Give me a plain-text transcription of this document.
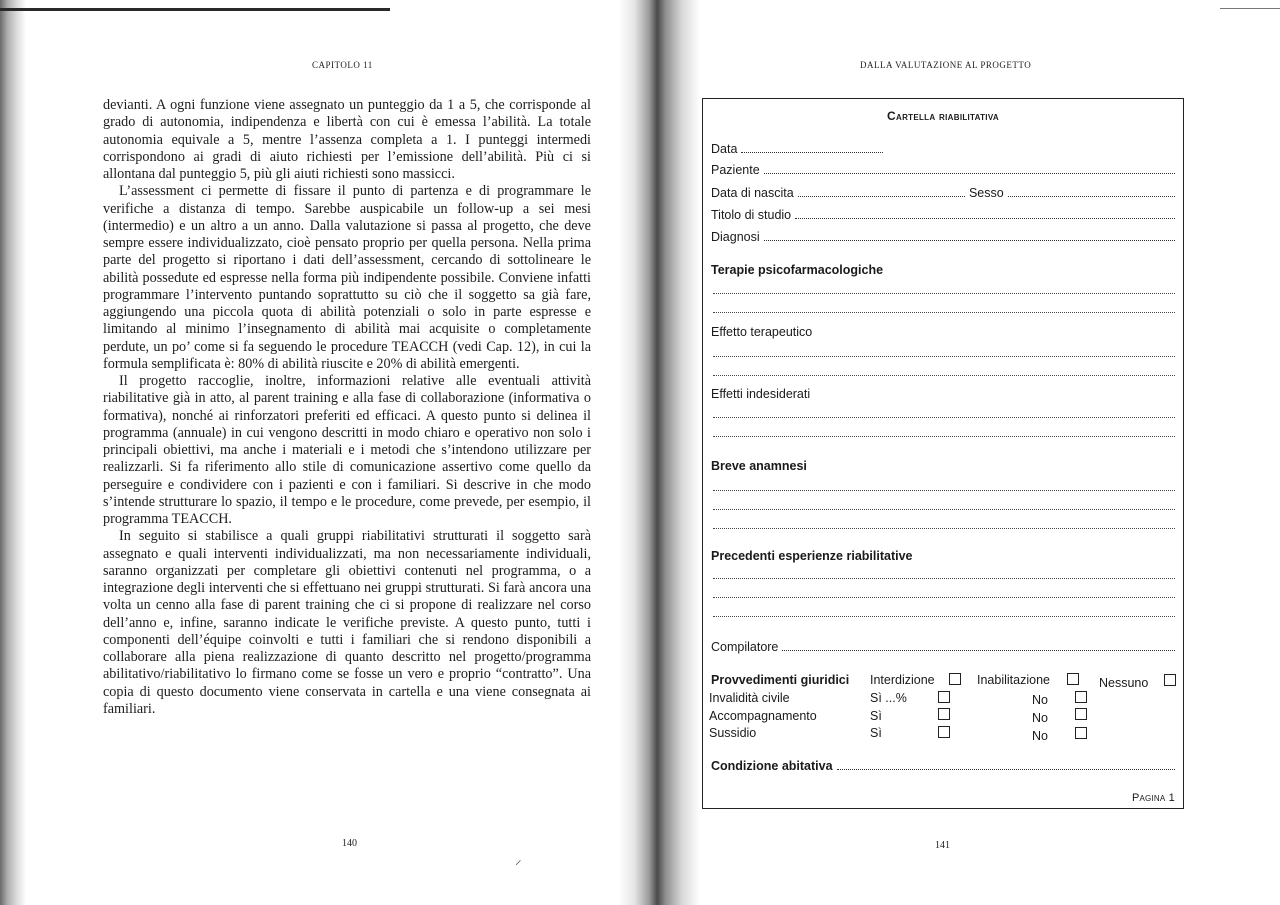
CAPITOLO 11

devianti. A ogni funzione viene assegnato un punteggio da 1 a 5, che corrisponde al grado di autonomia, indipendenza e libertà con cui è emessa l’abilità. La totale autonomia equivale a 5, mentre l’assenza completa a 1. I punteggi intermedi corrispondono ai gradi di aiuto richiesti per l’emissione dell’abilità. Più ci si allontana dal punteggio 5, più gli aiuti richiesti sono massicci.

L’assessment ci permette di fissare il punto di partenza e di programmare le verifiche a distanza di tempo. Sarebbe auspicabile un follow-up a sei mesi (intermedio) e un altro a un anno. Dalla valutazione si passa al progetto, che deve sempre essere individualizzato, cioè pensato proprio per quella persona. Nella prima parte del progetto si riportano i dati dell’assessment, cercando di sottolineare le abilità possedute ed espresse nella forma più indipendente possibile. Conviene infatti programmare l’intervento puntando soprattutto su ciò che il soggetto sa già fare, aggiungendo una piccola quota di abilità potenziali o solo in parte espresse e limitando al minimo l’insegnamento di abilità mai acquisite o completamente perdute, un po’ come si fa seguendo le procedure TEACCH (vedi Cap. 12), in cui la formula semplificata è: 80% di abilità riuscite e 20% di abilità emergenti.

Il progetto raccoglie, inoltre, informazioni relative alle eventuali attività riabilitative già in atto, al parent training e alla fase di collaborazione (informativa o formativa), nonché ai rinforzatori preferiti ed efficaci. A questo punto si delinea il programma (annuale) in cui vengono descritti in modo chiaro e operativo non solo i principali obiettivi, ma anche i materiali e i metodi che s’intendono utilizzare per realizzarli. Si fa riferimento allo stile di comunicazione assertivo come quello da perseguire e condividere con i pazienti e con i familiari. Si descrive in che modo s’intende strutturare lo spazio, il tempo e le procedure, come prevede, per esempio, il programma TEACCH.

In seguito si stabilisce a quali gruppi riabilitativi strutturati il soggetto sarà assegnato e quali interventi individualizzati, ma non necessariamente individuali, saranno organizzati per completare gli obiettivi contenuti nel programma, o a integrazione degli interventi che si effettuano nei gruppi strutturati. Si farà ancora una volta un cenno alla fase di parent training che ci si propone di realizzare nel corso dell’anno e, infine, saranno indicate le verifiche previste. A questo punto, tutti i componenti dell’équipe coinvolti e tutti i familiari che si rendono disponibili a collaborare alla piena realizzazione di quanto descritto nel progetto/programma abilitativo/riabilitativo lo firmano come se fosse un vero e proprio “contratto”. Una copia di questo documento viene conservata in cartella e una viene consegnata ai familiari.

140
⸝
DALLA VALUTAZIONE AL PROGETTO
Cartella riabilitativa
Data
Paziente
Data di nascita	Sesso
Titolo di studio
Diagnosi
Terapie psicofarmacologiche
Effetto terapeutico
Effetti indesiderati
Breve anamnesi
Precedenti esperienze riabilitative
Compilatore
Provvedimenti giuridici Interdizione	Inabilitazione	Nessuno
Invalidità civile	Sì ...%	No
Accompagnamento	Sì	No
Sussidio	Sì	No
Condizione abitativa
Pagina 1
141
